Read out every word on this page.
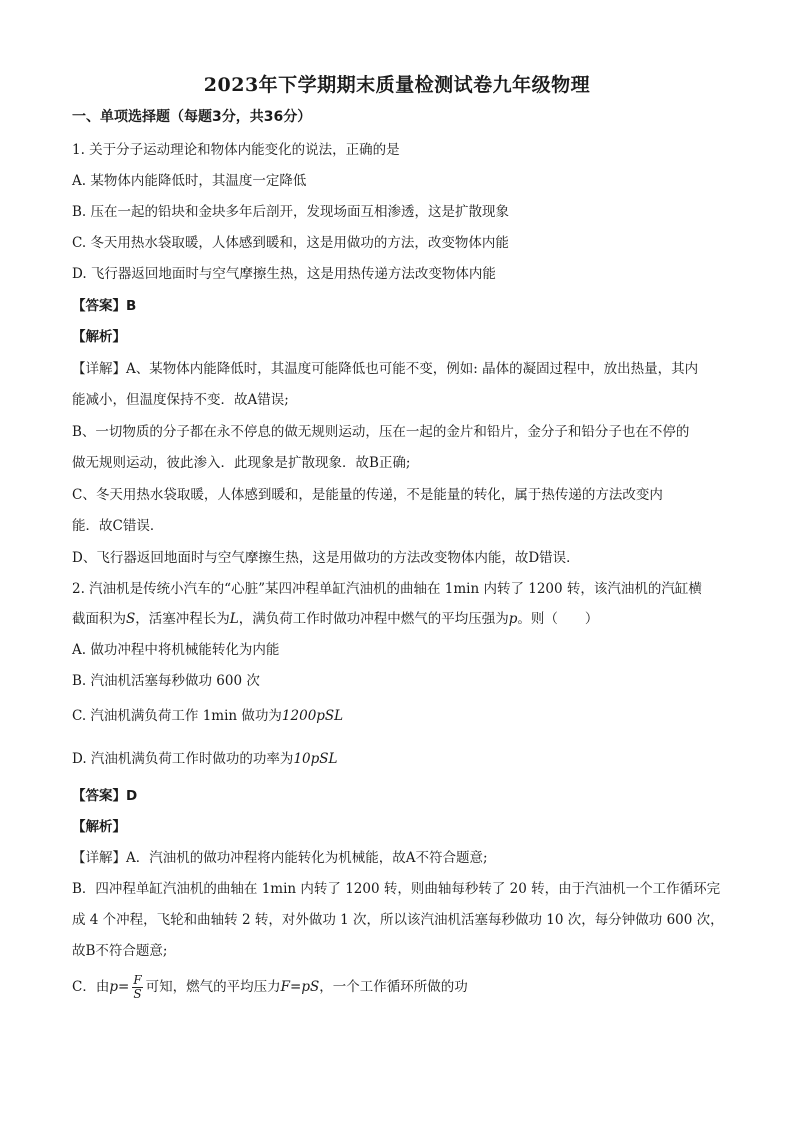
2023年下学期期末质量检测试卷九年级物理
一、单项选择题（每题3分，共36分）
1. 关于分子运动理论和物体内能变化的说法，正确的是
A. 某物体内能降低时，其温度一定降低
B. 压在一起的铅块和金块多年后剖开，发现场面互相渗透，这是扩散现象
C. 冬天用热水袋取暖，人体感到暖和，这是用做功的方法，改变物体内能
D. 飞行器返回地面时与空气摩擦生热，这是用热传递方法改变物体内能
【答案】B
【解析】
【详解】A、某物体内能降低时，其温度可能降低也可能不变，例如: 晶体的凝固过程中，放出热量，其内
能减小，但温度保持不变．故A错误;
B、一切物质的分子都在永不停息的做无规则运动，压在一起的金片和铅片，金分子和铅分子也在不停的
做无规则运动，彼此渗入．此现象是扩散现象．故B正确;
C、冬天用热水袋取暖，人体感到暖和，是能量的传递，不是能量的转化，属于热传递的方法改变内
能．故C错误．
D、飞行器返回地面时与空气摩擦生热，这是用做功的方法改变物体内能，故D错误．
2. 汽油机是传统小汽车的“心脏”某四冲程单缸汽油机的曲轴在 1min 内转了 1200 转，该汽油机的汽缸横
截面积为S，活塞冲程长为L，满负荷工作时做功冲程中燃气的平均压强为p。则（　　）
A. 做功冲程中将机械能转化为内能
B. 汽油机活塞每秒做功 600 次
C. 汽油机满负荷工作 1min 做功为1200pSL
D. 汽油机满负荷工作时做功的功率为10pSL
【答案】D
【解析】
【详解】A．汽油机的做功冲程将内能转化为机械能，故A不符合题意;
B．四冲程单缸汽油机的曲轴在 1min 内转了 1200 转，则曲轴每秒转了 20 转，由于汽油机一个工作循环完
成 4 个冲程，飞轮和曲轴转 2 转，对外做功 1 次，所以该汽油机活塞每秒做功 10 次，每分钟做功 600 次，
故B不符合题意;
C．由$p= \frac{F}{S}$ 可知，燃气的平均压力F=pS，一个工作循环所做的功
